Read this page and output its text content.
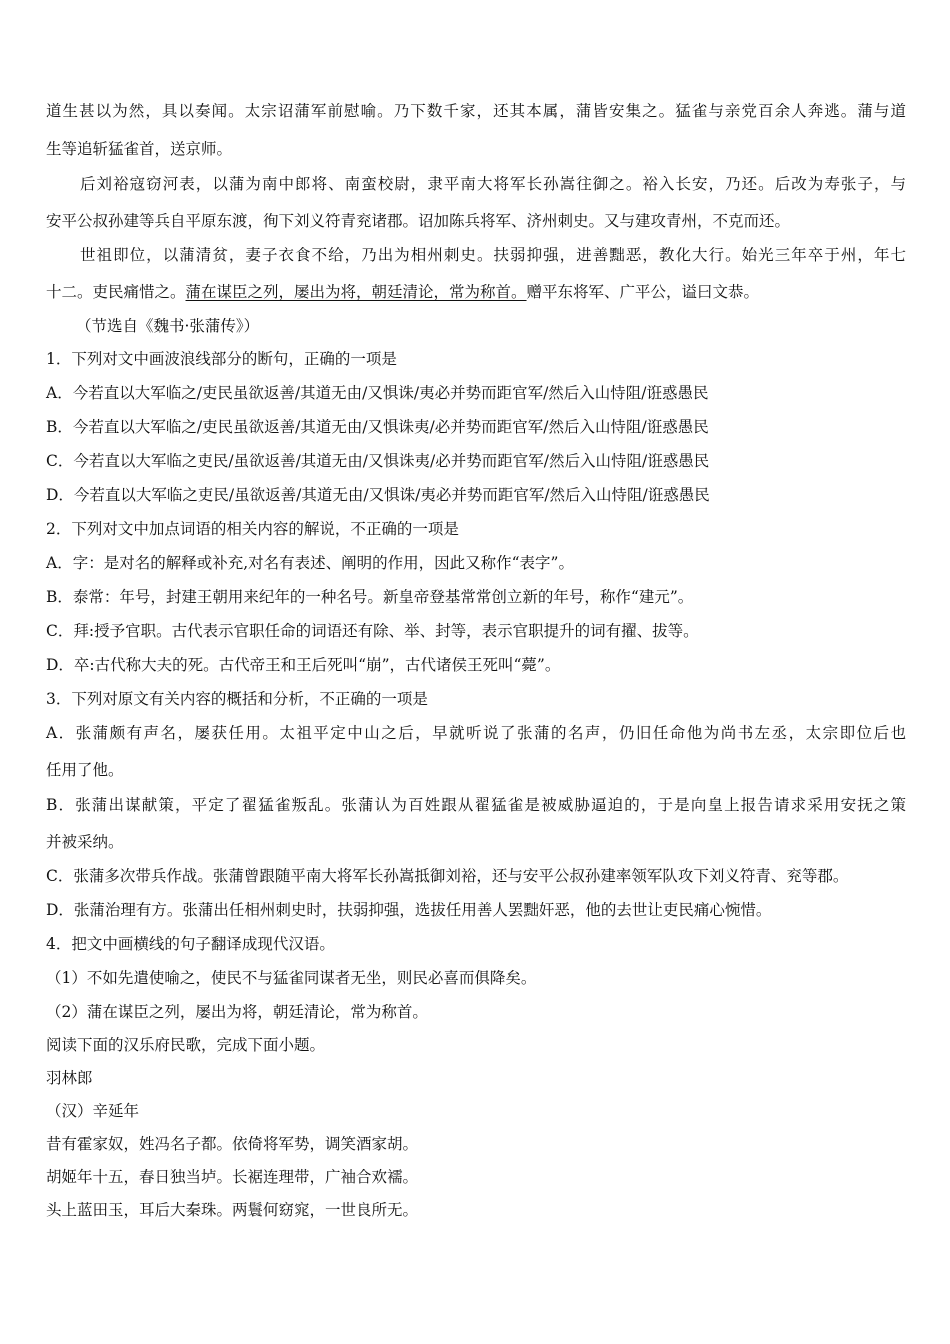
道生甚以为然，具以奏闻。太宗诏蒲军前慰喻。乃下数千家，还其本属，蒲皆安集之。猛雀与亲党百余人奔逃。蒲与道
生等追斩猛雀首，送京师。
后刘裕寇窃河表，以蒲为南中郎将、南蛮校尉，隶平南大将军长孙嵩往御之。裕入长安，乃还。后改为寿张子，与
安平公叔孙建等兵自平原东渡，徇下刘义符青兖诸郡。诏加陈兵将军、济州刺史。又与建攻青州，不克而还。
世祖即位，以蒲清贫，妻子衣食不给，乃出为相州刺史。扶弱抑强，进善黜恶，教化大行。始光三年卒于州，年七
十二。吏民痛惜之。蒲在谋臣之列，屡出为将，朝廷清论，常为称首。赠平东将军、广平公，谥曰文恭。
（节选自《魏书·张蒲传》）
1．下列对文中画波浪线部分的断句，正确的一项是
A．今若直以大军临之/吏民虽欲返善/其道无由/又惧诛/夷必并势而距官军/然后入山恃阻/诳惑愚民
B．今若直以大军临之/吏民虽欲返善/其道无由/又惧诛夷/必并势而距官军/然后入山恃阻/诳惑愚民
C．今若直以大军临之吏民/虽欲返善/其道无由/又惧诛夷/必并势而距官军/然后入山恃阻/诳惑愚民
D．今若直以大军临之吏民/虽欲返善/其道无由/又惧诛/夷必并势而距官军/然后入山恃阻/诳惑愚民
2．下列对文中加点词语的相关内容的解说，不正确的一项是
A．字：是对名的解释或补充,对名有表述、阐明的作用，因此又称作“表字”。
B．泰常：年号，封建王朝用来纪年的一种名号。新皇帝登基常常创立新的年号，称作“建元”。
C．拜:授予官职。古代表示官职任命的词语还有除、举、封等，表示官职提升的词有擢、拔等。
D．卒:古代称大夫的死。古代帝王和王后死叫“崩”，古代诸侯王死叫“薨”。
3．下列对原文有关内容的概括和分析，不正确的一项是
A．张蒲颇有声名，屡获任用。太祖平定中山之后，早就听说了张蒲的名声，仍旧任命他为尚书左丞，太宗即位后也
任用了他。
B．张蒲出谋献策，平定了翟猛雀叛乱。张蒲认为百姓跟从翟猛雀是被威胁逼迫的，于是向皇上报告请求采用安抚之策
并被采纳。
C．张蒲多次带兵作战。张蒲曾跟随平南大将军长孙嵩抵御刘裕，还与安平公叔孙建率领军队攻下刘义符青、兖等郡。
D．张蒲治理有方。张蒲出任相州刺史时，扶弱抑强，选拔任用善人罢黜奸恶，他的去世让吏民痛心惋惜。
4．把文中画横线的句子翻译成现代汉语。
（1）不如先遣使喻之，使民不与猛雀同谋者无坐，则民必喜而俱降矣。
（2）蒲在谋臣之列，屡出为将，朝廷清论，常为称首。
阅读下面的汉乐府民歌，完成下面小题。
羽林郎
（汉）辛延年
昔有霍家奴，姓冯名子都。依倚将军势，调笑酒家胡。
胡姬年十五，春日独当垆。长裾连理带，广袖合欢襦。
头上蓝田玉，耳后大秦珠。两鬟何窈窕，一世良所无。
